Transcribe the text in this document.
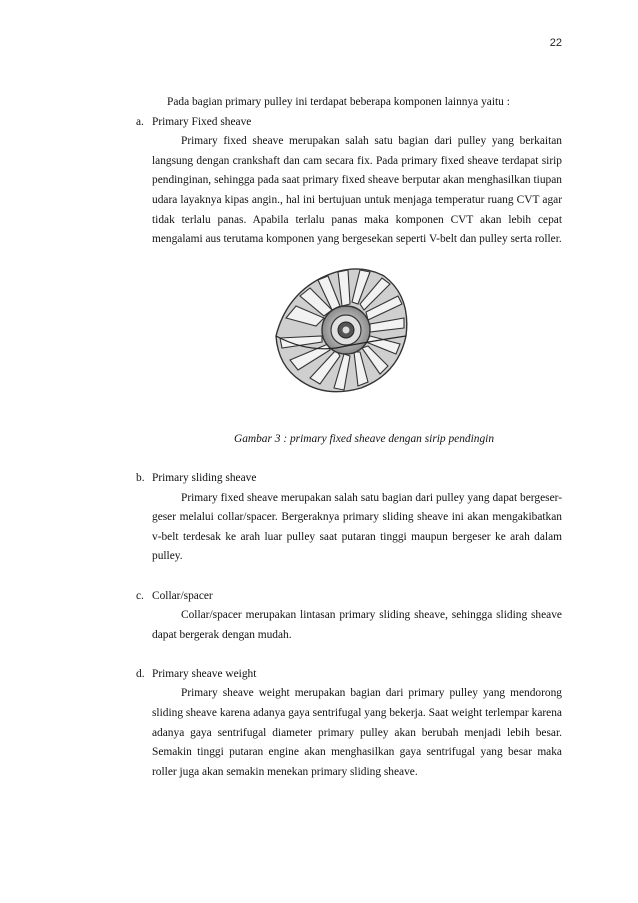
22

Pada bagian primary pulley ini terdapat beberapa komponen lainnya yaitu :

a. Primary Fixed sheave

Primary fixed sheave merupakan salah satu bagian dari pulley yang berkaitan langsung dengan crankshaft dan cam secara fix. Pada primary fixed sheave terdapat sirip pendinginan, sehingga pada saat primary fixed sheave berputar akan menghasilkan tiupan udara layaknya kipas angin., hal ini bertujuan untuk menjaga temperatur ruang CVT agar tidak terlalu panas. Apabila terlalu panas maka komponen CVT akan lebih cepat mengalami aus terutama komponen yang bergesekan seperti V-belt dan pulley serta roller.

Gambar 3 : primary fixed sheave dengan sirip pendingin

b. Primary sliding sheave

Primary fixed sheave merupakan salah satu bagian dari pulley yang dapat bergeser-geser melalui collar/spacer. Bergeraknya primary sliding sheave ini akan mengakibatkan v-belt terdesak ke arah luar pulley saat putaran tinggi maupun bergeser ke arah dalam pulley.

c. Collar/spacer

Collar/spacer merupakan lintasan primary sliding sheave, sehingga sliding sheave dapat bergerak dengan mudah.

d. Primary sheave weight

Primary sheave weight merupakan bagian dari primary pulley yang mendorong sliding sheave karena adanya gaya sentrifugal yang bekerja. Saat weight terlempar karena adanya gaya sentrifugal diameter primary pulley akan berubah menjadi lebih besar. Semakin tinggi putaran engine akan menghasilkan gaya sentrifugal yang besar maka roller juga akan semakin menekan primary sliding sheave.
